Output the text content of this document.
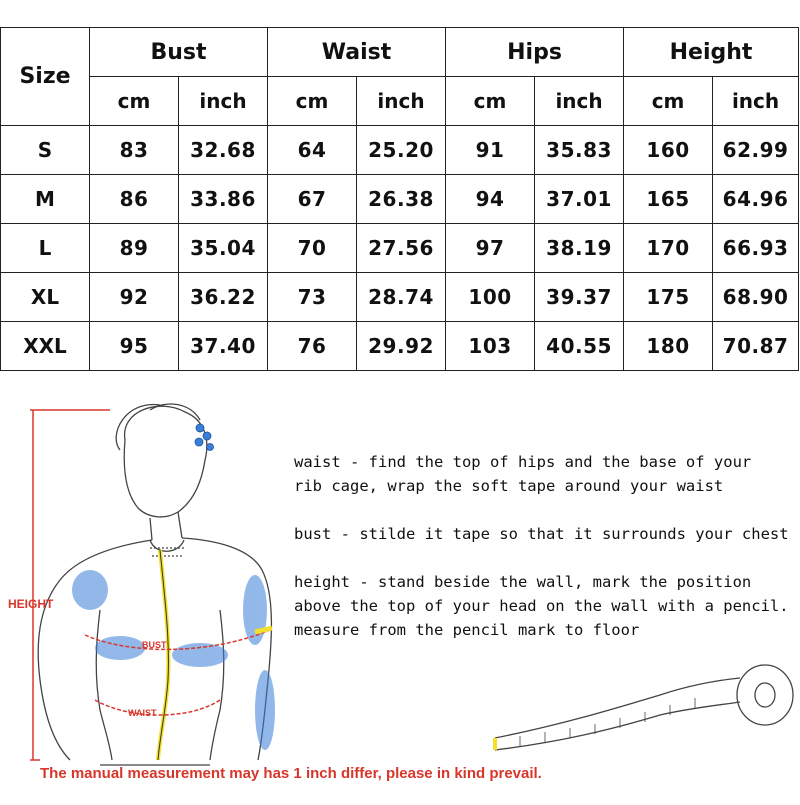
Size	Bust		Waist		Hips		Height	
	cm	inch	cm	inch	cm	inch	cm	inch
S	83	32.68	64	25.20	91	35.83	160	62.99
M	86	33.86	67	26.38	94	37.01	165	64.96
L	89	35.04	70	27.56	97	38.19	170	66.93
XL	92	36.22	73	28.74	100	39.37	175	68.90
XXL	95	37.40	76	29.92	103	40.55	180	70.87
BUST
WAIST
HEIGHT

waist - find the top of hips and the base of your
rib cage, wrap the soft tape around your waist

bust - stilde it tape so that it surrounds your chest

height - stand beside the wall, mark the position
above the top of your head on the wall with a pencil.
measure from the pencil mark to floor

The manual measurement may has 1 inch differ, please in kind prevail.
